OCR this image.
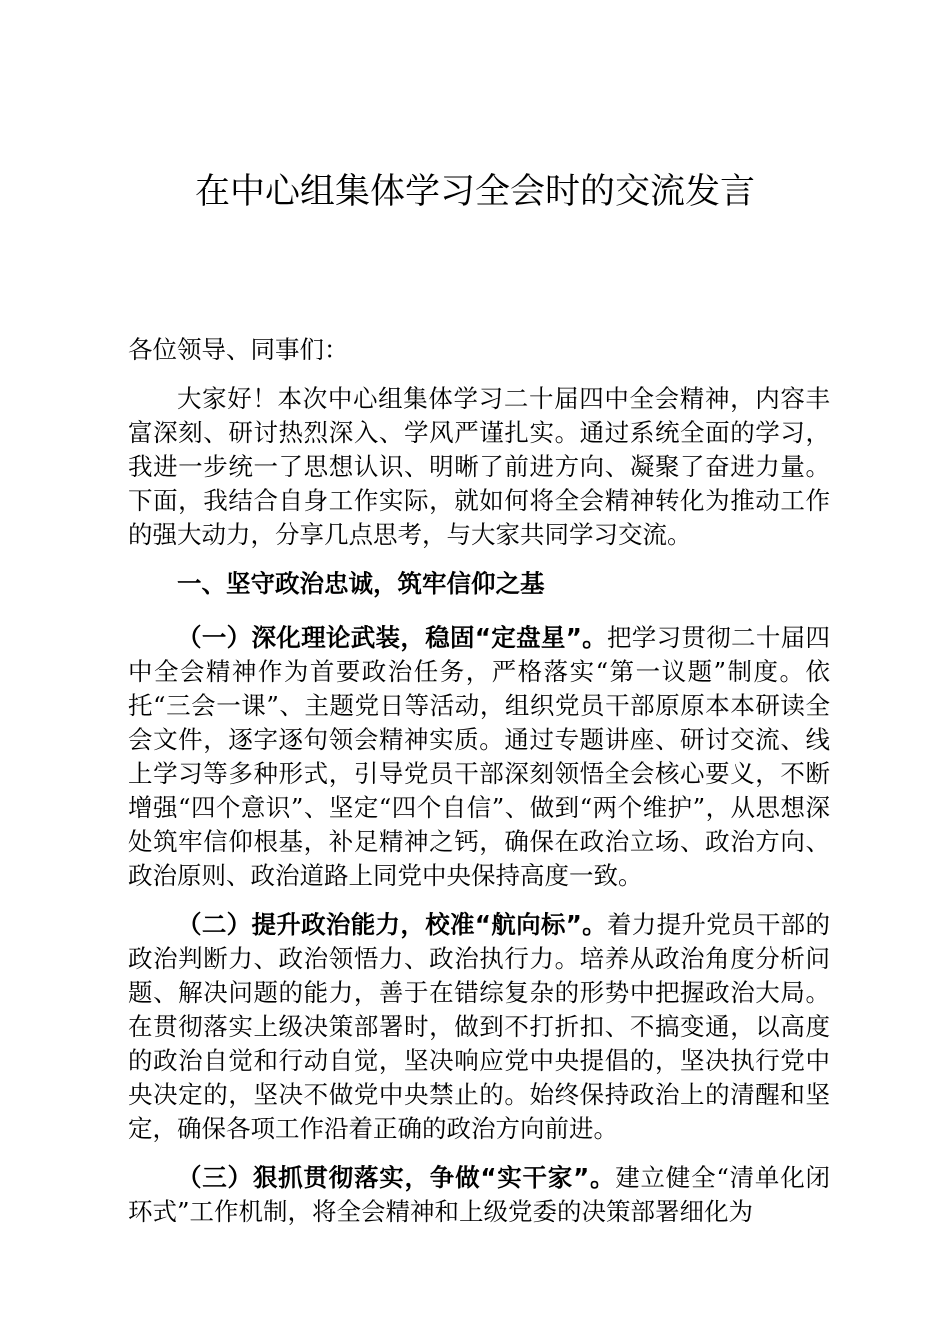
在中心组集体学习全会时的交流发言

各位领导、同事们：

大家好！本次中心组集体学习二十届四中全会精神，内容丰富深刻、研讨热烈深入、学风严谨扎实。通过系统全面的学习，我进一步统一了思想认识、明晰了前进方向、凝聚了奋进力量。下面，我结合自身工作实际，就如何将全会精神转化为推动工作的强大动力，分享几点思考，与大家共同学习交流。

一、坚守政治忠诚，筑牢信仰之基

（一）深化理论武装，稳固“定盘星”。把学习贯彻二十届四中全会精神作为首要政治任务，严格落实“第一议题”制度。依托“三会一课”、主题党日等活动，组织党员干部原原本本研读全会文件，逐字逐句领会精神实质。通过专题讲座、研讨交流、线上学习等多种形式，引导党员干部深刻领悟全会核心要义，不断增强“四个意识”、坚定“四个自信”、做到“两个维护”，从思想深处筑牢信仰根基，补足精神之钙，确保在政治立场、政治方向、政治原则、政治道路上同党中央保持高度一致。

（二）提升政治能力，校准“航向标”。着力提升党员干部的政治判断力、政治领悟力、政治执行力。培养从政治角度分析问题、解决问题的能力，善于在错综复杂的形势中把握政治大局。在贯彻落实上级决策部署时，做到不打折扣、不搞变通，以高度的政治自觉和行动自觉，坚决响应党中央提倡的，坚决执行党中央决定的，坚决不做党中央禁止的。始终保持政治上的清醒和坚定，确保各项工作沿着正确的政治方向前进。

（三）狠抓贯彻落实，争做“实干家”。建立健全“清单化闭环式”工作机制，将全会精神和上级党委的决策部署细化为
